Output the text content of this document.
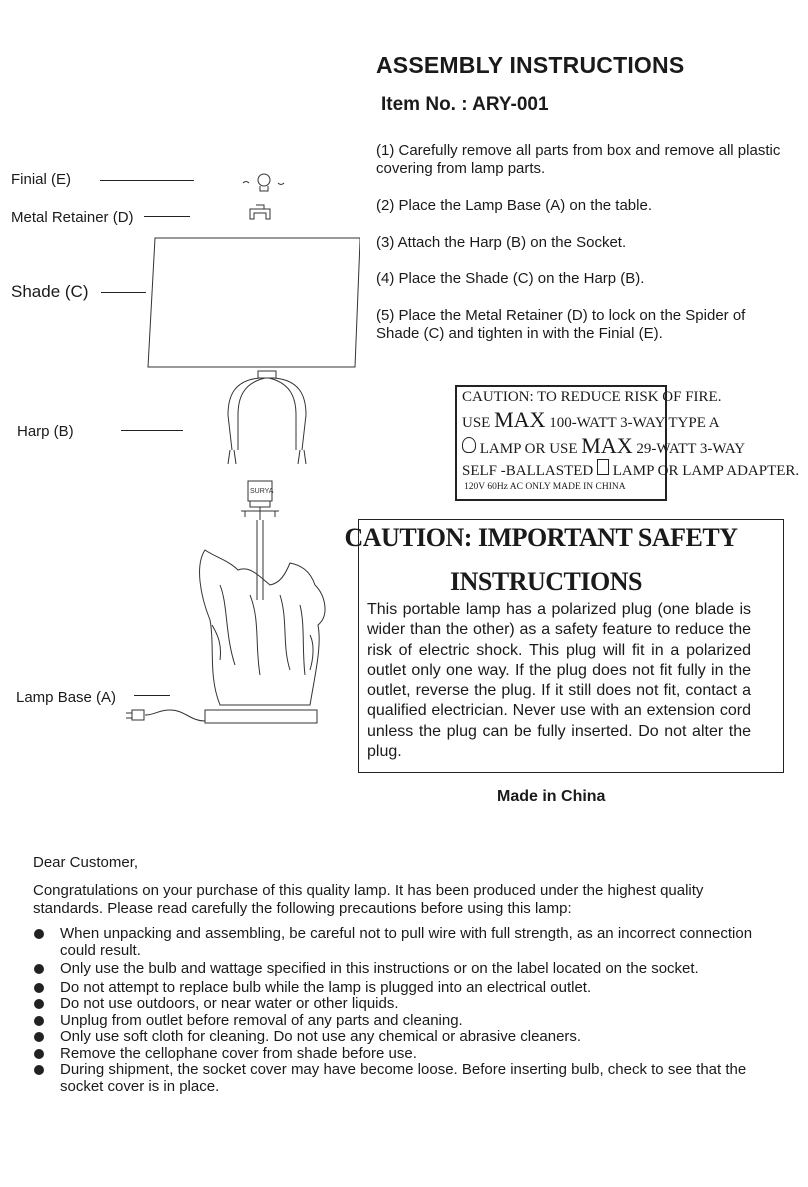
ASSEMBLY INSTRUCTIONS
Item No. : ARY-001
(1) Carefully remove all parts from box and remove all plastic covering from lamp parts.
(2) Place the Lamp Base (A) on the table.
(3) Attach the Harp (B) on the Socket.
(4) Place the Shade (C) on the Harp (B).
(5) Place the Metal Retainer (D) to lock on the Spider of Shade (C) and tighten in with the Finial (E).
Finial (E)
Metal Retainer (D)
Shade (C)
Harp (B)
Lamp Base (A)
SURYA
CAUTION: TO REDUCE RISK OF FIRE.
USE MAX 100-WATT 3-WAY TYPE A
LAMP OR USE MAX 29-WATT 3-WAY
SELF -BALLASTED LAMP OR LAMP ADAPTER.
120V 60Hz AC ONLY MADE IN CHINA
CAUTION: IMPORTANT SAFETY
INSTRUCTIONS
This portable lamp has a polarized plug (one blade is wider than the other) as a safety feature to reduce the risk of electric shock. This plug will fit in a polarized outlet only one way. If the plug does not fit fully in the outlet, reverse the plug. If it still does not fit, contact a qualified electrician. Never use with an extension cord unless the plug can be fully inserted. Do not alter the plug.
Made in China
Dear Customer,
Congratulations on your purchase of this quality lamp. It has been produced under the highest quality standards. Please read carefully the following precautions before using this lamp:
When unpacking and assembling, be careful not to pull wire with full strength, as an incorrect connection could result.
Only use the bulb and wattage specified in this instructions or on the label located on the socket.
Do not attempt to replace bulb while the lamp is plugged into an electrical outlet.
Do not use outdoors, or near water or other liquids.
Unplug from outlet before removal of any parts and cleaning.
Only use soft cloth for cleaning. Do not use any chemical or abrasive cleaners.
Remove the cellophane cover from shade before use.
During shipment, the socket cover may have become loose. Before inserting bulb, check to see that the socket cover is in place.
